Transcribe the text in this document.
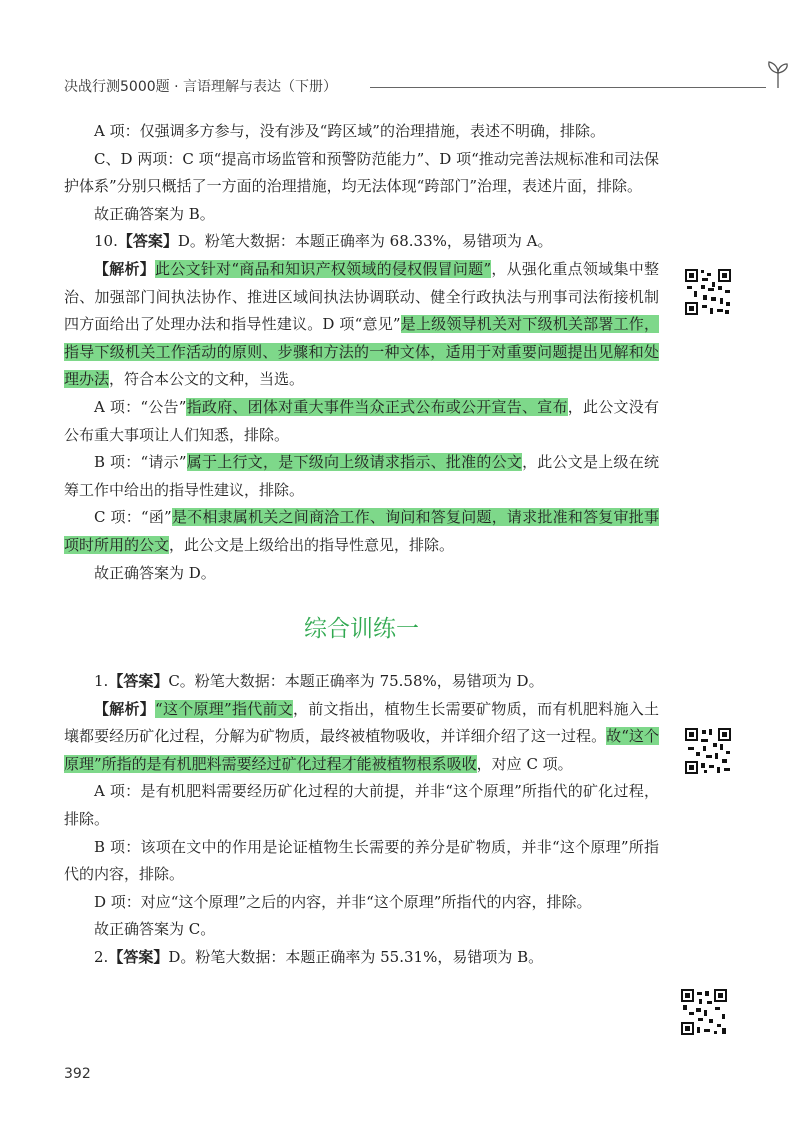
决战行测5000题 · 言语理解与表达（下册）

A 项：仅强调多方参与，没有涉及“跨区域”的治理措施，表述不明确，排除。

C、D 两项：C 项“提高市场监管和预警防范能力”、D 项“推动完善法规标准和司法保护体系”分别只概括了一方面的治理措施，均无法体现“跨部门”治理，表述片面，排除。

故正确答案为 B。

10.【答案】D。粉笔大数据：本题正确率为 68.33%，易错项为 A。

【解析】此公文针对“商品和知识产权领域的侵权假冒问题”，从强化重点领域集中整治、加强部门间执法协作、推进区域间执法协调联动、健全行政执法与刑事司法衔接机制四方面给出了处理办法和指导性建议。D 项“意见”是上级领导机关对下级机关部署工作，指导下级机关工作活动的原则、步骤和方法的一种文体，适用于对重要问题提出见解和处理办法，符合本公文的文种，当选。

A 项：“公告”指政府、团体对重大事件当众正式公布或公开宣告、宣布，此公文没有公布重大事项让人们知悉，排除。

B 项：“请示”属于上行文，是下级向上级请求指示、批准的公文，此公文是上级在统筹工作中给出的指导性建议，排除。

C 项：“函”是不相隶属机关之间商洽工作、询问和答复问题，请求批准和答复审批事项时所用的公文，此公文是上级给出的指导性意见，排除。

故正确答案为 D。

综合训练一

1.【答案】C。粉笔大数据：本题正确率为 75.58%，易错项为 D。

【解析】“这个原理”指代前文，前文指出，植物生长需要矿物质，而有机肥料施入土壤都要经历矿化过程，分解为矿物质，最终被植物吸收，并详细介绍了这一过程。故“这个原理”所指的是有机肥料需要经过矿化过程才能被植物根系吸收，对应 C 项。

A 项：是有机肥料需要经历矿化过程的大前提，并非“这个原理”所指代的矿化过程，排除。

B 项：该项在文中的作用是论证植物生长需要的养分是矿物质，并非“这个原理”所指代的内容，排除。

D 项：对应“这个原理”之后的内容，并非“这个原理”所指代的内容，排除。

故正确答案为 C。

2.【答案】D。粉笔大数据：本题正确率为 55.31%，易错项为 B。

392
